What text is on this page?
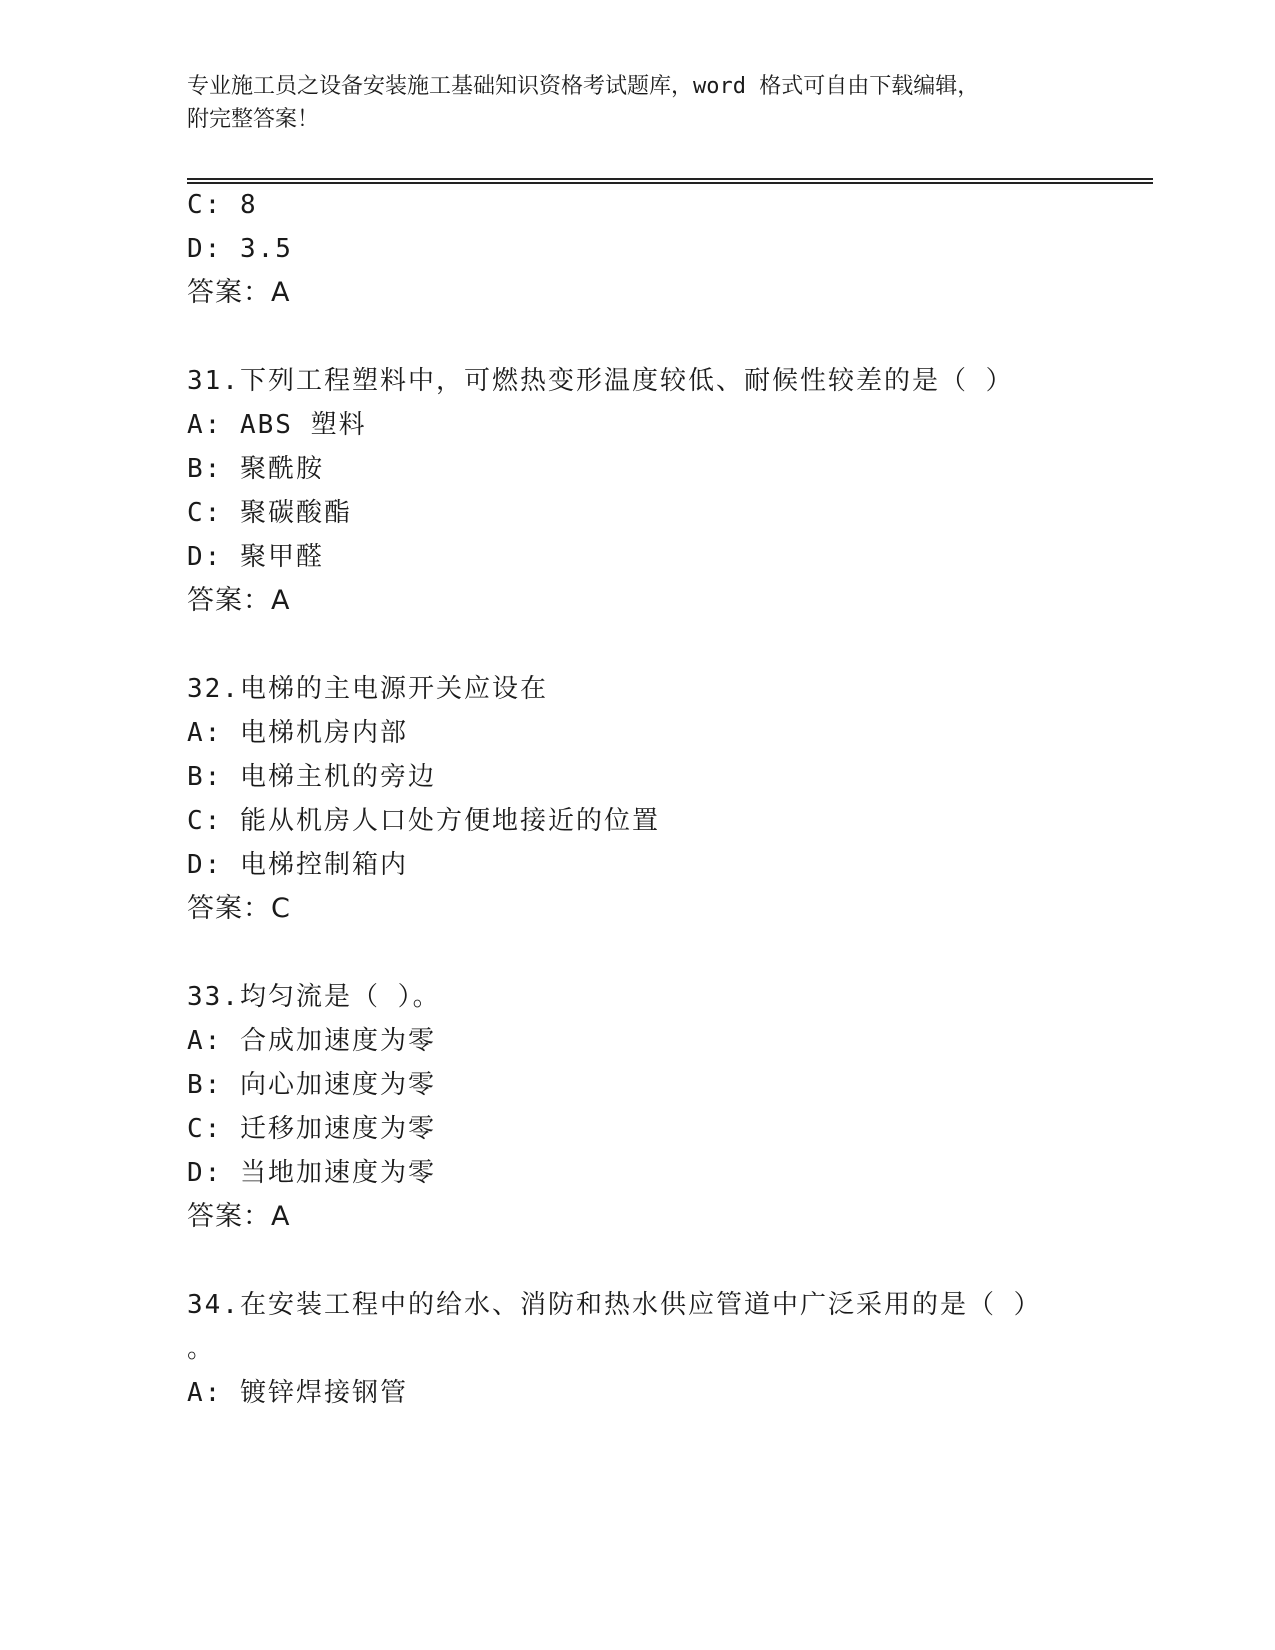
专业施工员之设备安装施工基础知识资格考试题库，word 格式可自由下载编辑，
附完整答案！
C: 8
D: 3.5
答案：A
31.下列工程塑料中，可燃热变形温度较低、耐候性较差的是（ ）
A: ABS 塑料
B: 聚酰胺
C: 聚碳酸酯
D: 聚甲醛
答案：A
32.电梯的主电源开关应设在
A: 电梯机房内部
B: 电梯主机的旁边
C: 能从机房人口处方便地接近的位置
D: 电梯控制箱内
答案：C
33.均匀流是（ ）。
A: 合成加速度为零
B: 向心加速度为零
C: 迁移加速度为零
D: 当地加速度为零
答案：A
34.在安装工程中的给水、消防和热水供应管道中广泛采用的是（ ）
。
A: 镀锌焊接钢管
